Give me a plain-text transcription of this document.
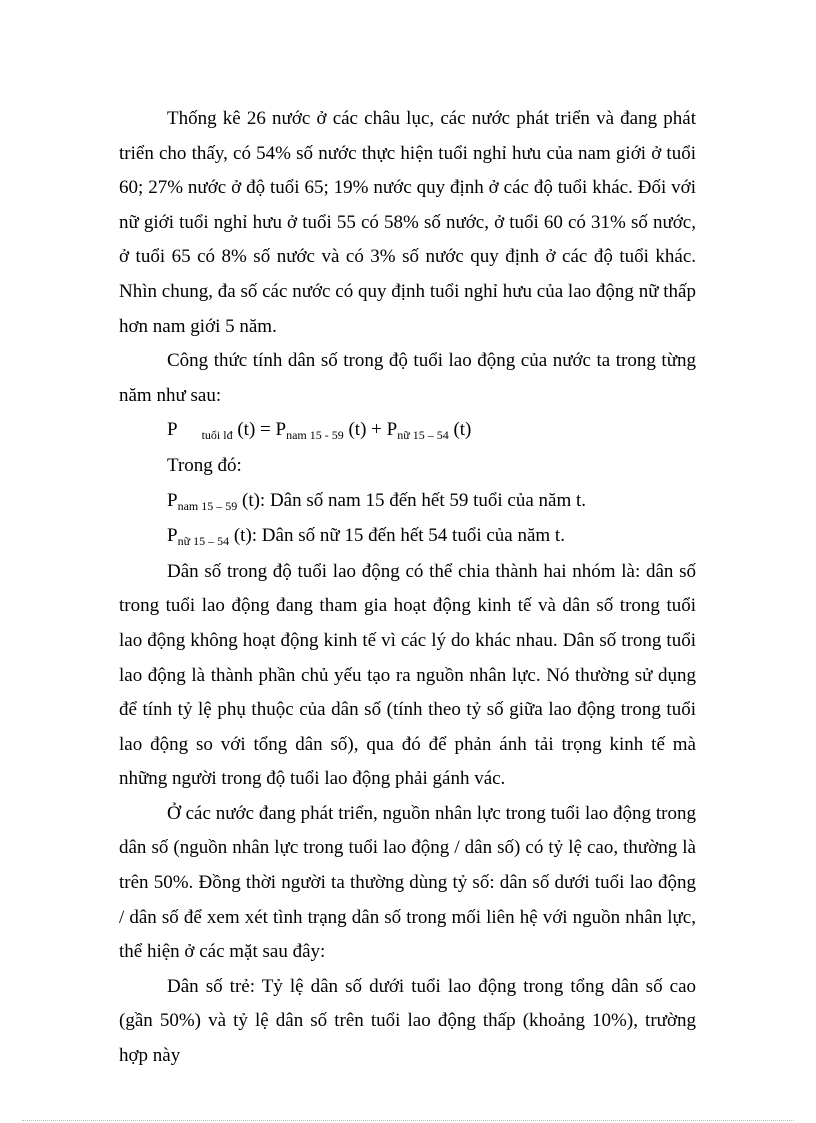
Thống kê 26 nước ở các châu lục, các nước phát triển và đang phát triển cho thấy, có 54% số nước thực hiện tuổi nghỉ hưu của nam giới ở tuổi 60; 27% nước ở độ tuổi 65; 19% nước quy định ở các độ tuổi khác. Đối với nữ giới tuổi nghỉ hưu ở tuổi 55 có 58% số nước, ở tuổi 60 có 31% số nước, ở tuổi 65 có 8% số nước và có 3% số nước quy định ở các độ tuổi khác. Nhìn chung, đa số các nước có quy định tuổi nghỉ hưu của lao động nữ thấp hơn nam giới 5 năm.

Công thức tính dân số trong độ tuổi lao động của nước ta trong từng năm như sau:

P $_{tuổi lđ}$ $(t) = P_{nam 15 - 59}$ $(t) + P_{nữ 15 - 54}$ (t)

Trong đó:

$P_{nam 15 - 59}$ (t): Dân số nam 15 đến hết 59 tuổi của năm t.

$P_{nữ 15 - 54}$ (t): Dân số nữ 15 đến hết 54 tuổi của năm t.

Dân số trong độ tuổi lao động có thể chia thành hai nhóm là: dân số trong tuổi lao động đang tham gia hoạt động kinh tế và dân số trong tuổi lao động không hoạt động kinh tế vì các lý do khác nhau. Dân số trong tuổi lao động là thành phần chủ yếu tạo ra nguồn nhân lực. Nó thường sử dụng để tính tỷ lệ phụ thuộc của dân số (tính theo tỷ số giữa lao động trong tuổi lao động so với tổng dân số), qua đó để phản ánh tải trọng kinh tế mà những người trong độ tuổi lao động phải gánh vác.

Ở các nước đang phát triển, nguồn nhân lực trong tuổi lao động trong dân số (nguồn nhân lực trong tuổi lao động / dân số) có tỷ lệ cao, thường là trên 50%. Đồng thời người ta thường dùng tỷ số: dân số dưới tuổi lao động / dân số để xem xét tình trạng dân số trong mối liên hệ với nguồn nhân lực, thể hiện ở các mặt sau đây:

Dân số trẻ: Tỷ lệ dân số dưới tuổi lao động trong tổng dân số cao (gần 50%) và tỷ lệ dân số trên tuổi lao động thấp (khoảng 10%), trường hợp này
